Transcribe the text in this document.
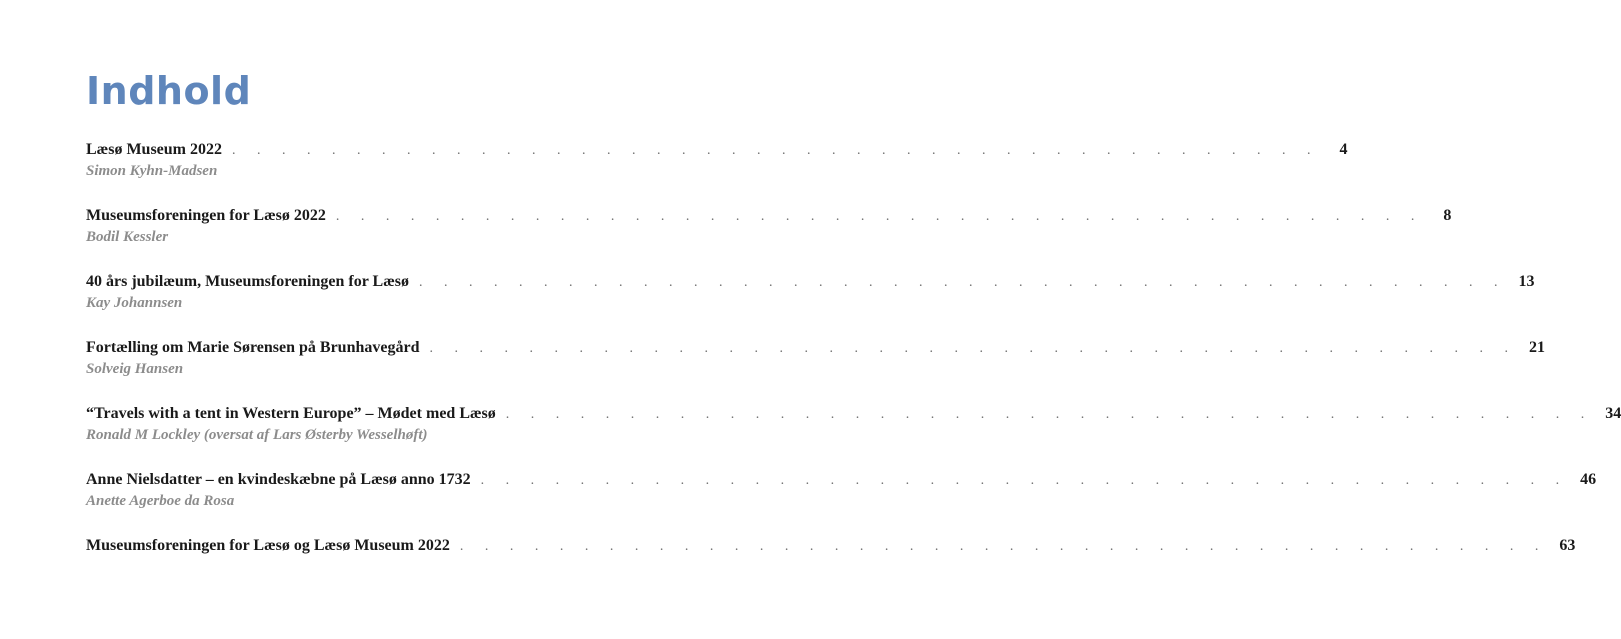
Indhold
Læsø Museum 2022 . . . . . . . . . . . . . . . . . . . . . . . . . . . . . . . . . . . . . . . . . . . .	4
Simon Kyhn-Madsen
Museumsforeningen for Læsø 2022 . . . . . . . . . . . . . . . . . . . . . . . . . . . . . . . . . . . . . . . . . . . .	8
Bodil Kessler
40 års jubilæum, Museumsforeningen for Læsø . . . . . . . . . . . . . . . . . . . . . . . . . . . . . . . . . . . . . . . . . . . . 13
Kay Johannsen
Fortælling om Marie Sørensen på Brunhavegård . . . . . . . . . . . . . . . . . . . . . . . . . . . . . . . . . . . . . . . . . . . . 21
Solveig Hansen
“Travels with a tent in Western Europe” – Mødet med Læsø . . . . . . . . . . . . . . . . . . . . . . . . . . . . . . . . . . . . . . . . . . . . 34
Ronald M Lockley (oversat af Lars Østerby Wesselhøft)
Anne Nielsdatter – en kvindeskæbne på Læsø anno 1732 . . . . . . . . . . . . . . . . . . . . . . . . . . . . . . . . . . . . . . . . . . . . 46
Anette Agerboe da Rosa
Museumsforeningen for Læsø og Læsø Museum 2022 . . . . . . . . . . . . . . . . . . . . . . . . . . . . . . . . . . . . . . . . . . . . 63
